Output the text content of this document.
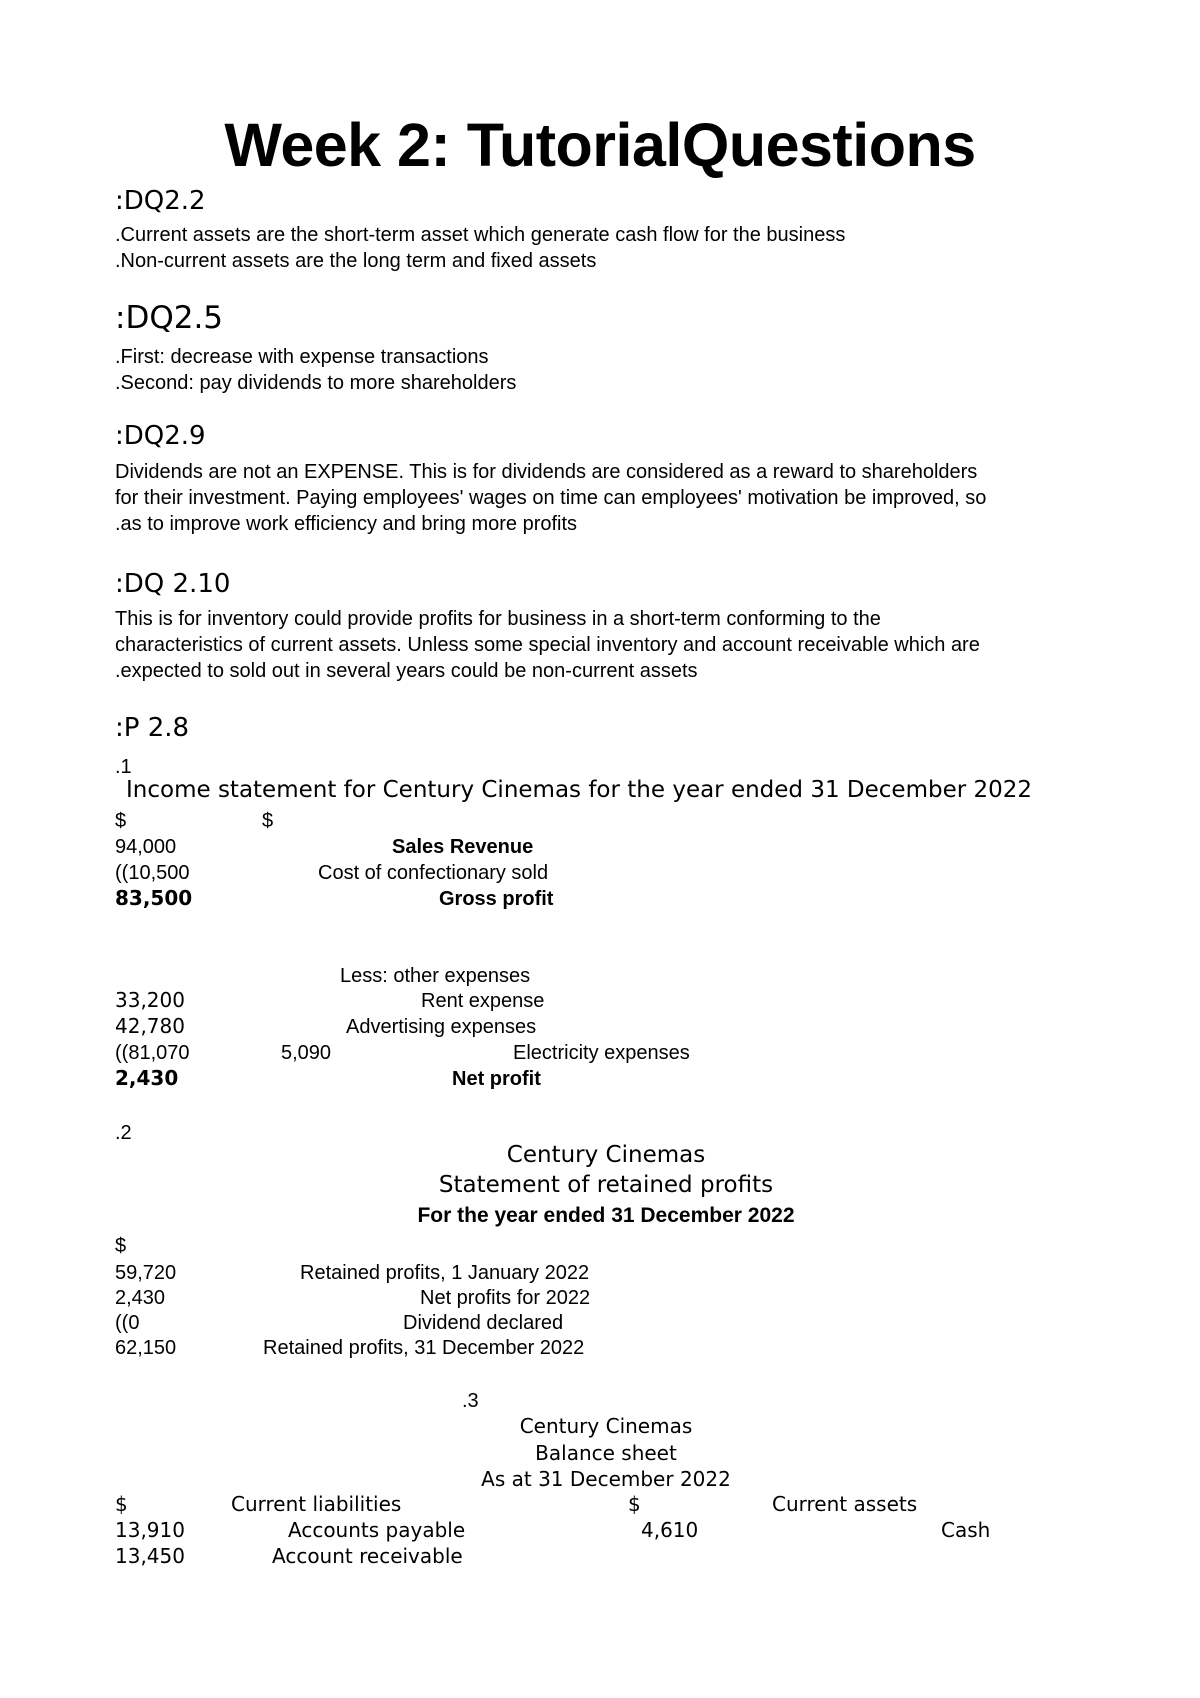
Week 2: TutorialQuestions
:DQ2.2
.Current assets are the short-term asset which generate cash flow for the business
.Non-current assets are the long term and fixed assets
:DQ2.5
.First: decrease with expense transactions
.Second: pay dividends to more shareholders
:DQ2.9
Dividends are not an EXPENSE. This is for dividends are considered as a reward to shareholders
for their investment. Paying employees' wages on time can employees' motivation be improved, so
.as to improve work efficiency and bring more profits
:DQ 2.10
This is for inventory could provide profits for business in a short-term conforming to the
characteristics of current assets. Unless some special inventory and account receivable which are
.expected to sold out in several years could be non-current assets
:P 2.8
.1
Income statement for Century Cinemas for the year ended 31 December 2022
$	$
94,000	Sales Revenue
((10,500	Cost of confectionary sold
83,500	Gross profit
Less: other expenses
33,200	Rent expense
42,780	Advertising expenses
((81,070	5,090	Electricity expenses
2,430	Net profit
.2
Century Cinemas
Statement of retained profits
For the year ended 31 December 2022
$
59,720	Retained profits, 1 January 2022
2,430	Net profits for 2022
((0	Dividend declared
62,150	Retained profits, 31 December 2022
.3
Century Cinemas
Balance sheet
As at 31 December 2022
$	Current liabilities	$	Current assets
13,910	Accounts payable	4,610	Cash
13,450	Account receivable
